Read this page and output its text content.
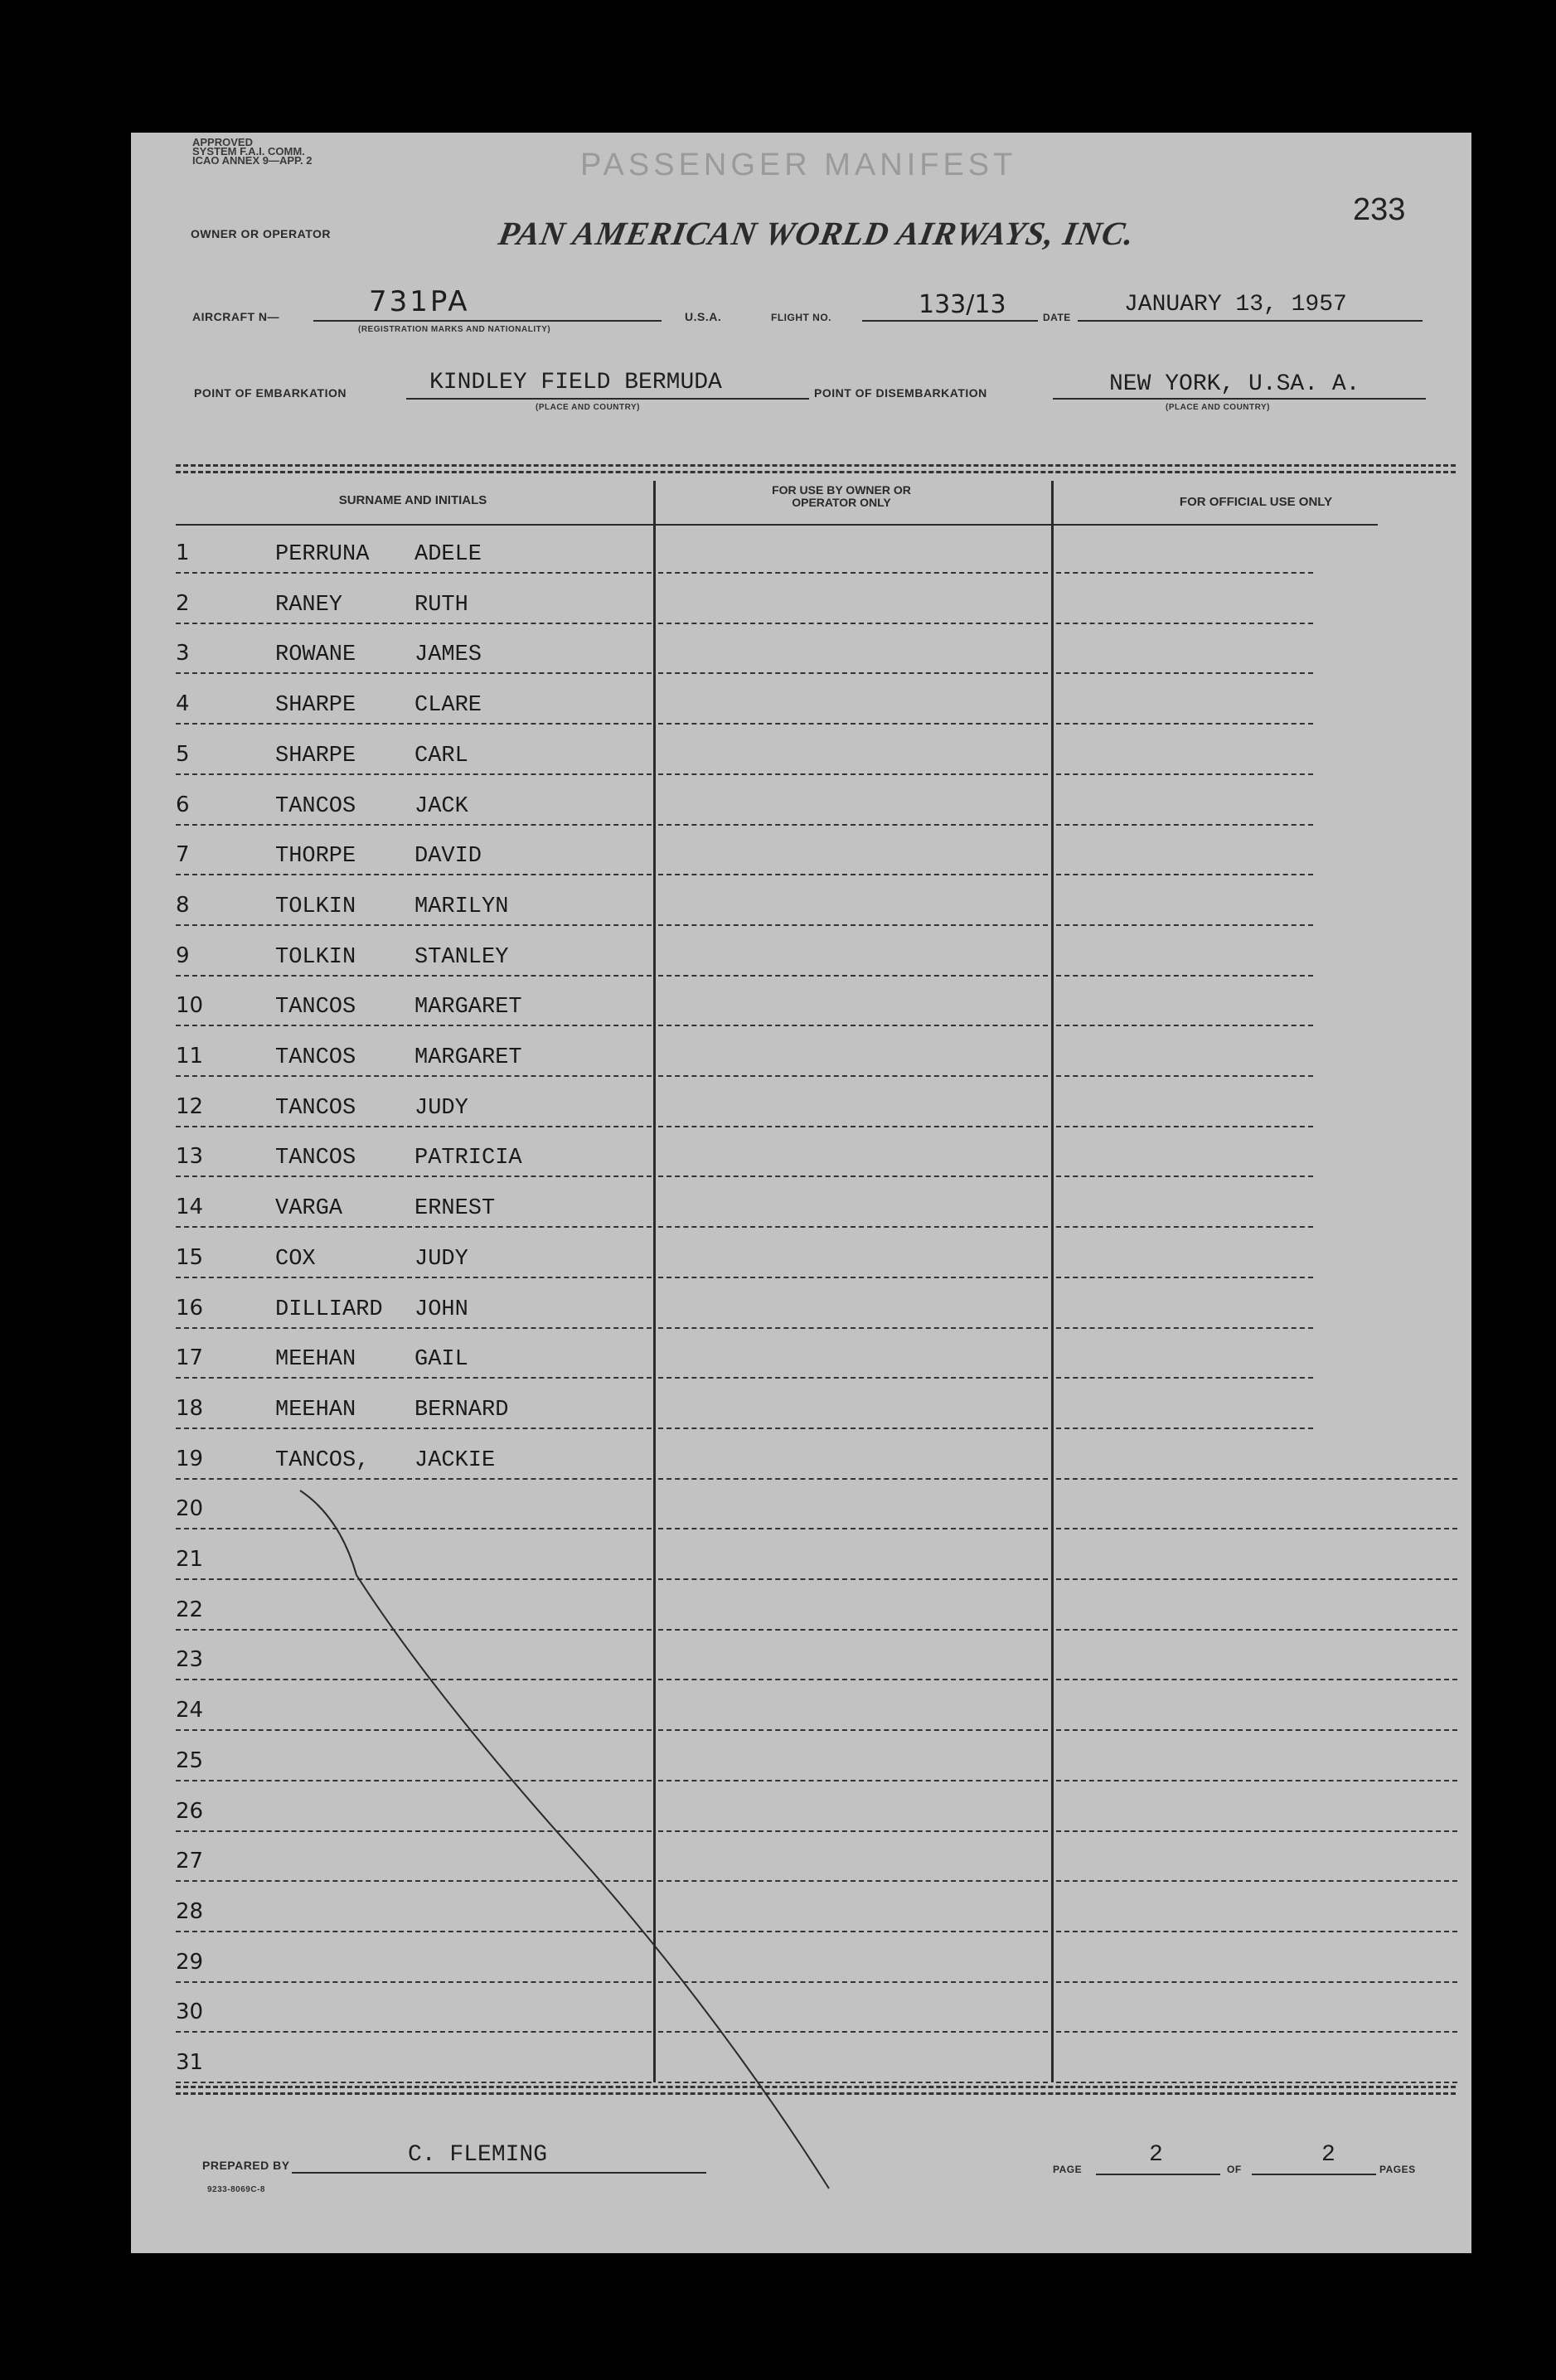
APPROVED
SYSTEM F.A.I. COMM.
ICAO ANNEX 9—APP. 2	PASSENGER MANIFEST
233
OWNER OR OPERATOR	PAN AMERICAN WORLD AIRWAYS, INC.
AIRCRAFT N—	731PA
(REGISTRATION MARKS AND NATIONALITY)
U.S.A.	FLIGHT NO.	133/13	DATE JANUARY 13, 1957
POINT OF EMBARKATION	KINDLEY FIELD BERMUDA
(PLACE AND COUNTRY)
POINT OF DISEMBARKATION	NEW YORK, U.SA. A.
(PLACE AND COUNTRY)
SURNAME AND INITIALS
FOR USE BY OWNER OR OPERATOR ONLY	FOR OFFICIAL USE ONLY
1	PERRUNA ADELE
2	RANEY	RUTH
3	ROWANE	JAMES
4	SHARPE	CLARE
5	SHARPE	CARL
6	TANCOS	JACK
7	THORPE	DAVID
8	TOLKIN	MARILYN
9	TOLKIN	STANLEY
10	TANCOS	MARGARET
11	TANCOS	MARGARET
12	TANCOS	JUDY
13	TANCOS	PATRICIA
14	VARGA	ERNEST
15	COX	JUDY
16	DILLIARD JOHN
17	MEEHAN	GAIL
18	MEEHAN	BERNARD
19	TANCOS, JACKIE
20
21
22
23
24
25
26
27
28
29
30
31
PREPARED BY	C. FLEMING
9233-8069C-8
PAGE
2
OF
2
PAGES
